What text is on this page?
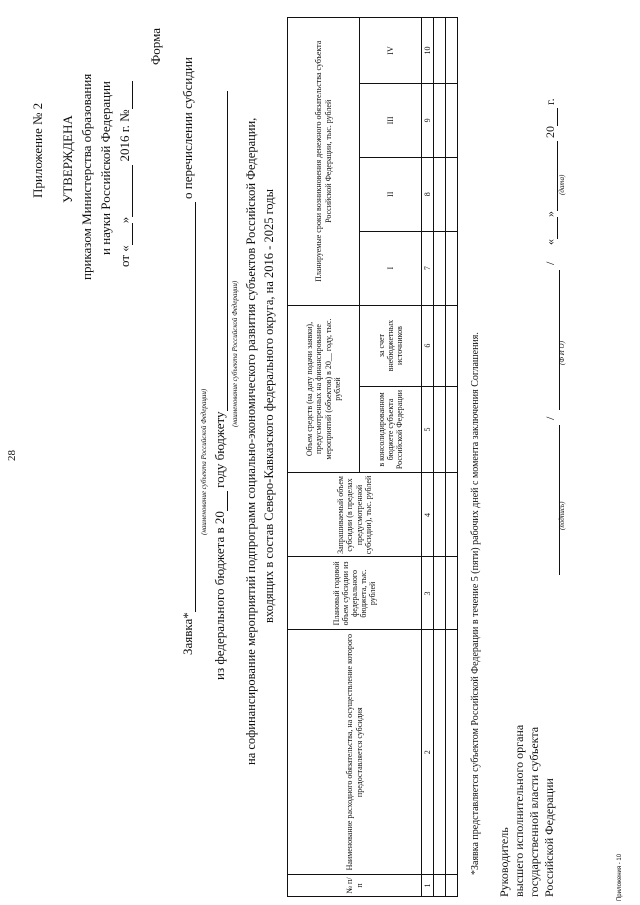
28
Приложение № 2 УТВЕРЖДЕНА приказом Министерства образования и науки Российской Федерации
от «» 2016 г. №
Форма
Заявка* о перечислении субсидии
(наименование субъекта Российской Федерации)
из федерального бюджета в 20 году бюджету
(наименование субъекта Российской Федерации) на софинансирование мероприятий подпрограмм социально-экономического развития субъектов Российской Федерации, входящих в состав Северо-Кавказского федерального округа, на 2016 - 2025 годы
№ п/п	Наименование расходного обязательства, на осуществление которого предоставляется субсидия	Плановый годовой объем субсидии из федерального бюджета, тыс. рублей	Запрашиваемый объем субсидии (в пределах предусмотренной субсидии), тыс. рублей	Объем средств (на дату подачи заявки), предусмотренных на финансирование мероприятий (объектов) в 20__ году, тыс. рублей		Планируемые сроки возникновения денежного обязательства субъекта Российской Федерации, тыс. рублей			
				в консолидированном бюджете субъекта Российской Федерации	за счет внебюджетных источников	I	II	III	IV
1	2	3	4	5	6	7	8	9	10

*Заявка представляется субъектом Российской Федерации в течение 5 (пяти) рабочих дней с момента заключения Соглашения. Руководитель высшего исполнительного органа государственной власти субъекта Российской Федерации
(подпись)
/
/
(Ф И О)
«» 20 г.
(дата)
Приложения - 10
